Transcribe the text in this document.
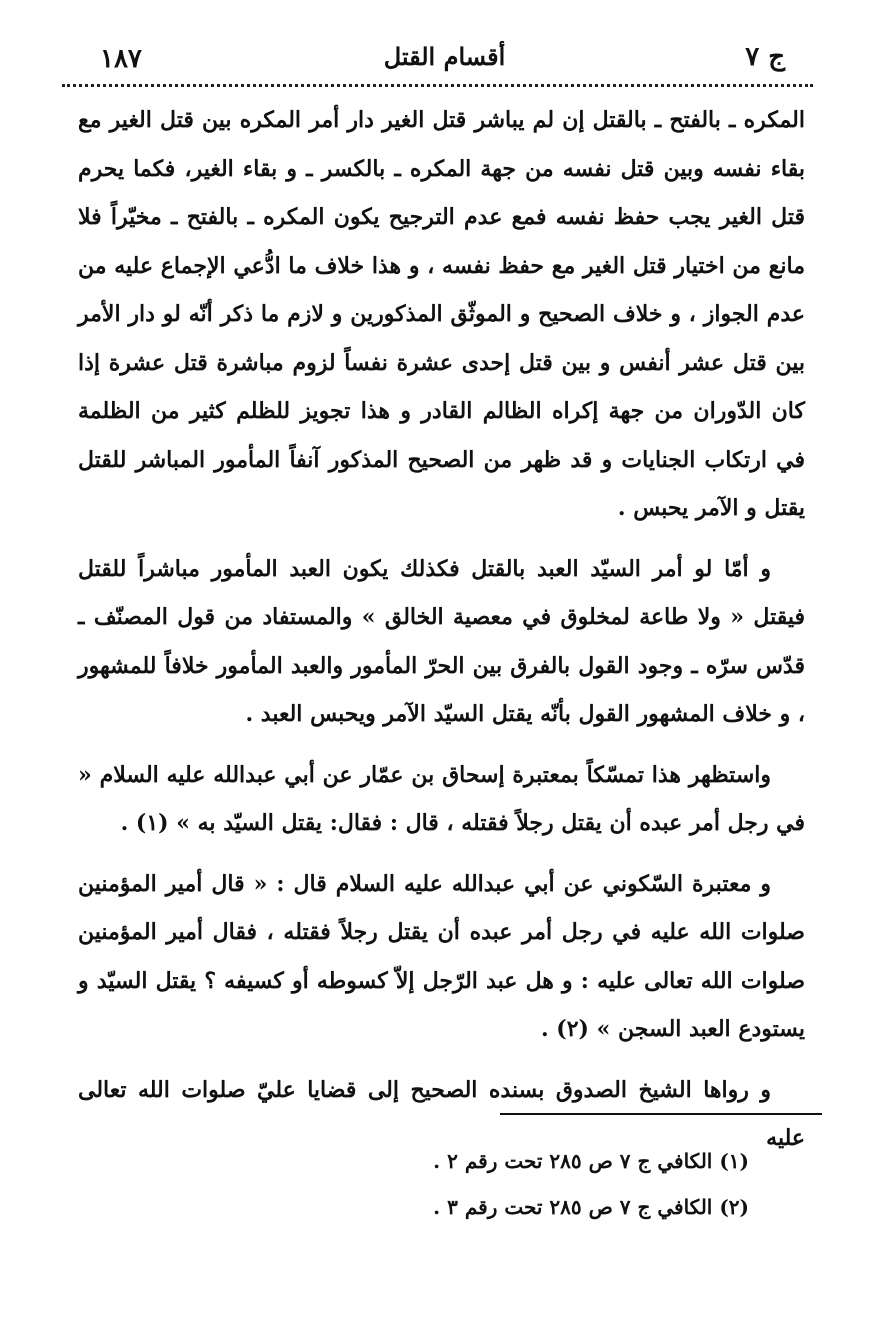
١٨٧	أقسام القتل	ج ٧

المكره ـ بالفتح ـ بالقتل إن لم يباشر قتل الغير دار أمر المكره بين قتل الغير مع بقاء نفسه وبين قتل نفسه من جهة المكره ـ بالكسر ـ و بقاء الغير، فكما يحرم قتل الغير يجب حفظ نفسه فمع عدم الترجيح يكون المكره ـ بالفتح ـ مخيّراً فلا مانع من اختيار قتل الغير مع حفظ نفسه ، و هذا خلاف ما ادُّعي الإجماع عليه من عدم الجواز ، و خلاف الصحيح و الموثّق المذكورين و لازم ما ذكر أنّه لو دار الأمر بين قتل عشر أنفس و بين قتل إحدى عشرة نفساً لزوم مباشرة قتل عشرة إذا كان الدّوران من جهة إكراه الظالم القادر و هذا تجويز للظلم كثير من الظلمة في ارتكاب الجنايات و قد ظهر من الصحيح المذكور آنفاً المأمور المباشر للقتل يقتل و الآمر يحبس .

و أمّا لو أمر السيّد العبد بالقتل فكذلك يكون العبد المأمور مباشراً للقتل فيقتل « ولا طاعة لمخلوق في معصية الخالق » والمستفاد من قول المصنّف ـ قدّس سرّه ـ وجود القول بالفرق بين الحرّ المأمور والعبد المأمور خلافاً للمشهور ، و خلاف المشهور القول بأنّه يقتل السيّد الآمر ويحبس العبد .

واستظهر هذا تمسّكاً بمعتبرة إسحاق بن عمّار عن أبي عبدالله عليه السلام « في رجل أمر عبده أن يقتل رجلاً فقتله ، قال : فقال: يقتل السيّد به » (١) .

و معتبرة السّكوني عن أبي عبدالله عليه السلام قال : « قال أمير المؤمنين صلوات الله عليه في رجل أمر عبده أن يقتل رجلاً فقتله ، فقال أمير المؤمنين صلوات الله تعالى عليه : و هل عبد الرّجل إلاّ كسوطه أو كسيفه ؟ يقتل السيّد و يستودع العبد السجن » (٢) .

و رواها الشيخ الصدوق بسنده الصحيح إلى قضايا عليّ صلوات الله تعالى عليه

(١) الكافي ج ٧ ص ٢٨٥ تحت رقم ٢ .

(٢) الكافي ج ٧ ص ٢٨٥ تحت رقم ٣ .
